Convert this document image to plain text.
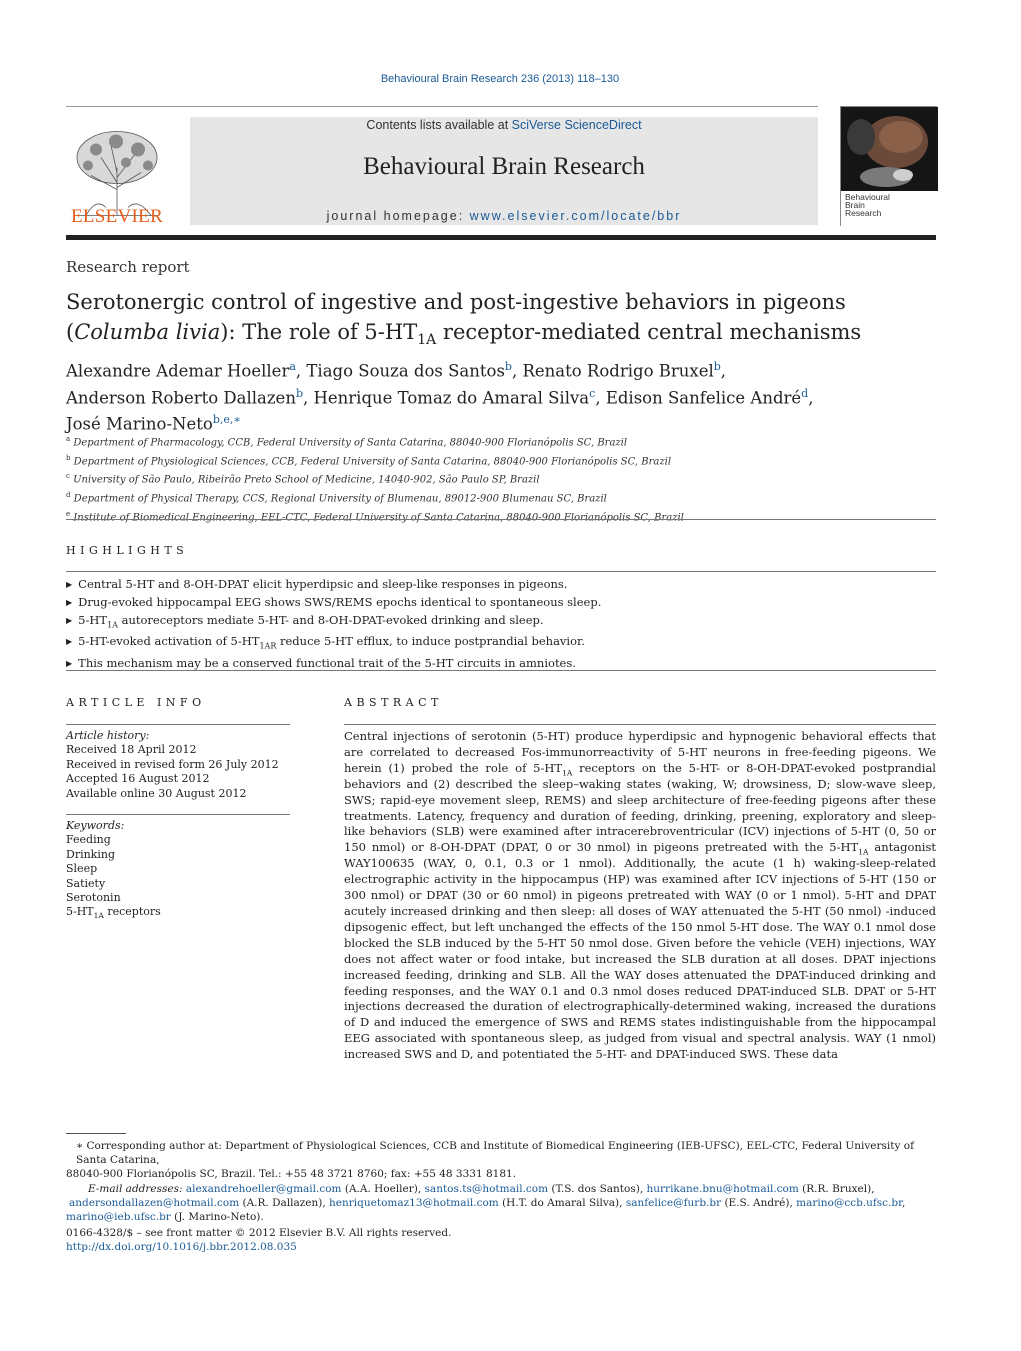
Behavioural Brain Research 236 (2013) 118–130
ELSEVIER
Contents lists available at SciVerse ScienceDirect
Behavioural Brain Research
journal homepage: www.elsevier.com/locate/bbr
Behavioural
Brain
Research
Research report
Serotonergic control of ingestive and post-ingestive behaviors in pigeons
(Columba livia): The role of $5-HT_{1A}$ receptor-mediated central mechanisms
Alexandre Ademar Hoeller$^a$, Tiago Souza dos Santos$^b$, Renato Rodrigo Bruxel$^b$,
Anderson Roberto Dallazen$^b$, Henrique Tomaz do Amaral Silva$^c$, Edison Sanfelice André$^d$,
José Marino-Neto$^{b,e,∗}$
$^a$ Department of Pharmacology, CCB, Federal University of Santa Catarina, 88040-900 Florianópolis SC, Brazil
$^b$ Department of Physiological Sciences, CCB, Federal University of Santa Catarina, 88040-900 Florianópolis SC, Brazil
$^c$ University of São Paulo, Ribeirão Preto School of Medicine, 14040-902, São Paulo SP, Brazil
$^d$ Department of Physical Therapy, CCS, Regional University of Blumenau, 89012-900 Blumenau SC, Brazil
$^e$ Institute of Biomedical Engineering, EEL-CTC, Federal University of Santa Catarina, 88040-900 Florianópolis SC, Brazil
HIGHLIGHTS
▶ Central 5-HT and 8-OH-DPAT elicit hyperdipsic and sleep-like responses in pigeons.
▶ Drug-evoked hippocampal EEG shows SWS/REMS epochs identical to spontaneous sleep.
▶ $5-HT_{1A}$ autoreceptors mediate 5-HT- and 8-OH-DPAT-evoked drinking and sleep.
▶ 5-HT-evoked activation of $5-HT_{1AR}$ reduce 5-HT efflux, to induce postprandial behavior.
▶ This mechanism may be a conserved functional trait of the 5-HT circuits in amniotes.
ARTICLE INFO
Article history:
Received 18 April 2012
Received in revised form 26 July 2012
Accepted 16 August 2012
Available online 30 August 2012
Keywords:
Feeding
Drinking
Sleep
Satiety
Serotonin
$5-HT_{1A}$ receptors
ABSTRACT
Central injections of serotonin (5-HT) produce hyperdipsic and hypnogenic behavioral effects that are correlated to decreased Fos-immunorreactivity of 5-HT neurons in free-feeding pigeons. We herein (1) probed the role of $5-HT_{1A}$ receptors on the 5-HT- or 8-OH-DPAT-evoked postprandial behaviors and (2) described the sleep–waking states (waking, W; drowsiness, D; slow-wave sleep, SWS; rapid-eye movement sleep, REMS) and sleep architecture of free-feeding pigeons after these treatments. Latency, frequency and duration of feeding, drinking, preening, exploratory and sleep-like behaviors (SLB) were examined after intracerebroventricular (ICV) injections of 5-HT (0, 50 or 150 nmol) or 8-OH-DPAT (DPAT, 0 or 30 nmol) in pigeons pretreated with the $5-HT_{1A}$ antagonist WAY100635 (WAY, 0, 0.1, 0.3 or 1 nmol). Additionally, the acute (1 h) waking-sleep-related electrographic activity in the hippocampus (HP) was examined after ICV injections of 5-HT (150 or 300 nmol) or DPAT (30 or 60 nmol) in pigeons pretreated with WAY (0 or 1 nmol). 5-HT and DPAT acutely increased drinking and then sleep: all doses of WAY attenuated the 5-HT (50 nmol) -induced dipsogenic effect, but left unchanged the effects of the 150 nmol 5-HT dose. The WAY 0.1 nmol dose blocked the SLB induced by the 5-HT 50 nmol dose. Given before the vehicle (VEH) injections, WAY does not affect water or food intake, but increased the SLB duration at all doses. DPAT injections increased feeding, drinking and SLB. All the WAY doses attenuated the DPAT-induced drinking and feeding responses, and the WAY 0.1 and 0.3 nmol doses reduced DPAT-induced SLB. DPAT or 5-HT injections decreased the duration of electrographically-determined waking, increased the durations of D and induced the emergence of SWS and REMS states indistinguishable from the hippocampal EEG associated with spontaneous sleep, as judged from visual and spectral analysis. WAY (1 nmol) increased SWS and D, and potentiated the 5-HT- and DPAT-induced SWS. These data
∗ Corresponding author at: Department of Physiological Sciences, CCB and Institute of Biomedical Engineering (IEB-UFSC), EEL-CTC, Federal University of Santa Catarina,
88040-900 Florianópolis SC, Brazil. Tel.: +55 48 3721 8760; fax: +55 48 3331 8181.
E-mail addresses: alexandrehoeller@gmail.com (A.A. Hoeller), santos.ts@hotmail.com (T.S. dos Santos), hurrikane.bnu@hotmail.com (R.R. Bruxel),
andersondallazen@hotmail.com (A.R. Dallazen), henriquetomaz13@hotmail.com (H.T. do Amaral Silva), sanfelice@furb.br (E.S. André), marino@ccb.ufsc.br,
marino@ieb.ufsc.br (J. Marino-Neto).
0166-4328/$ – see front matter © 2012 Elsevier B.V. All rights reserved.
http://dx.doi.org/10.1016/j.bbr.2012.08.035
